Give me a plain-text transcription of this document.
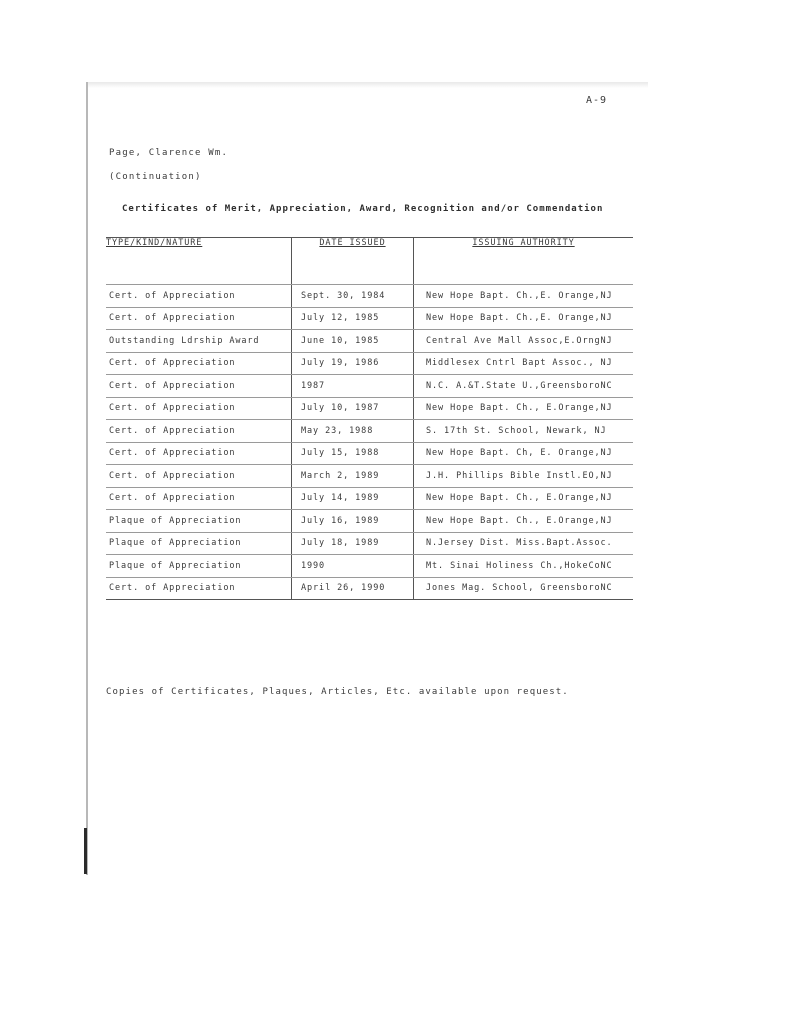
A-9
Page, Clarence Wm.
(Continuation)
Certificates of Merit, Appreciation, Award, Recognition and/or Commendation
TYPE/KIND/NATURE	DATE ISSUED	ISSUING AUTHORITY

Cert. of Appreciation	Sept. 30, 1984	New Hope Bapt. Ch.,E. Orange,NJ
Cert. of Appreciation	July 12, 1985	New Hope Bapt. Ch.,E. Orange,NJ
Outstanding Ldrship Award	June 10, 1985	Central Ave Mall Assoc,E.OrngNJ
Cert. of Appreciation	July 19, 1986	Middlesex Cntrl Bapt Assoc., NJ
Cert. of Appreciation	1987	N.C. A.&T.State U.,GreensboroNC
Cert. of Appreciation	July 10, 1987	New Hope Bapt. Ch., E.Orange,NJ
Cert. of Appreciation	May 23, 1988	S. 17th St. School, Newark, NJ
Cert. of Appreciation	July 15, 1988	New Hope Bapt. Ch, E. Orange,NJ
Cert. of Appreciation	March 2, 1989	J.H. Phillips Bible Instl.EO,NJ
Cert. of Appreciation	July 14, 1989	New Hope Bapt. Ch., E.Orange,NJ
Plaque of Appreciation	July 16, 1989	New Hope Bapt. Ch., E.Orange,NJ
Plaque of Appreciation	July 18, 1989	N.Jersey Dist. Miss.Bapt.Assoc.
Plaque of Appreciation	1990	Mt. Sinai Holiness Ch.,HokeCoNC
Cert. of Appreciation	April 26, 1990	Jones Mag. School, GreensboroNC
Copies of Certificates, Plaques, Articles, Etc. available upon request.
